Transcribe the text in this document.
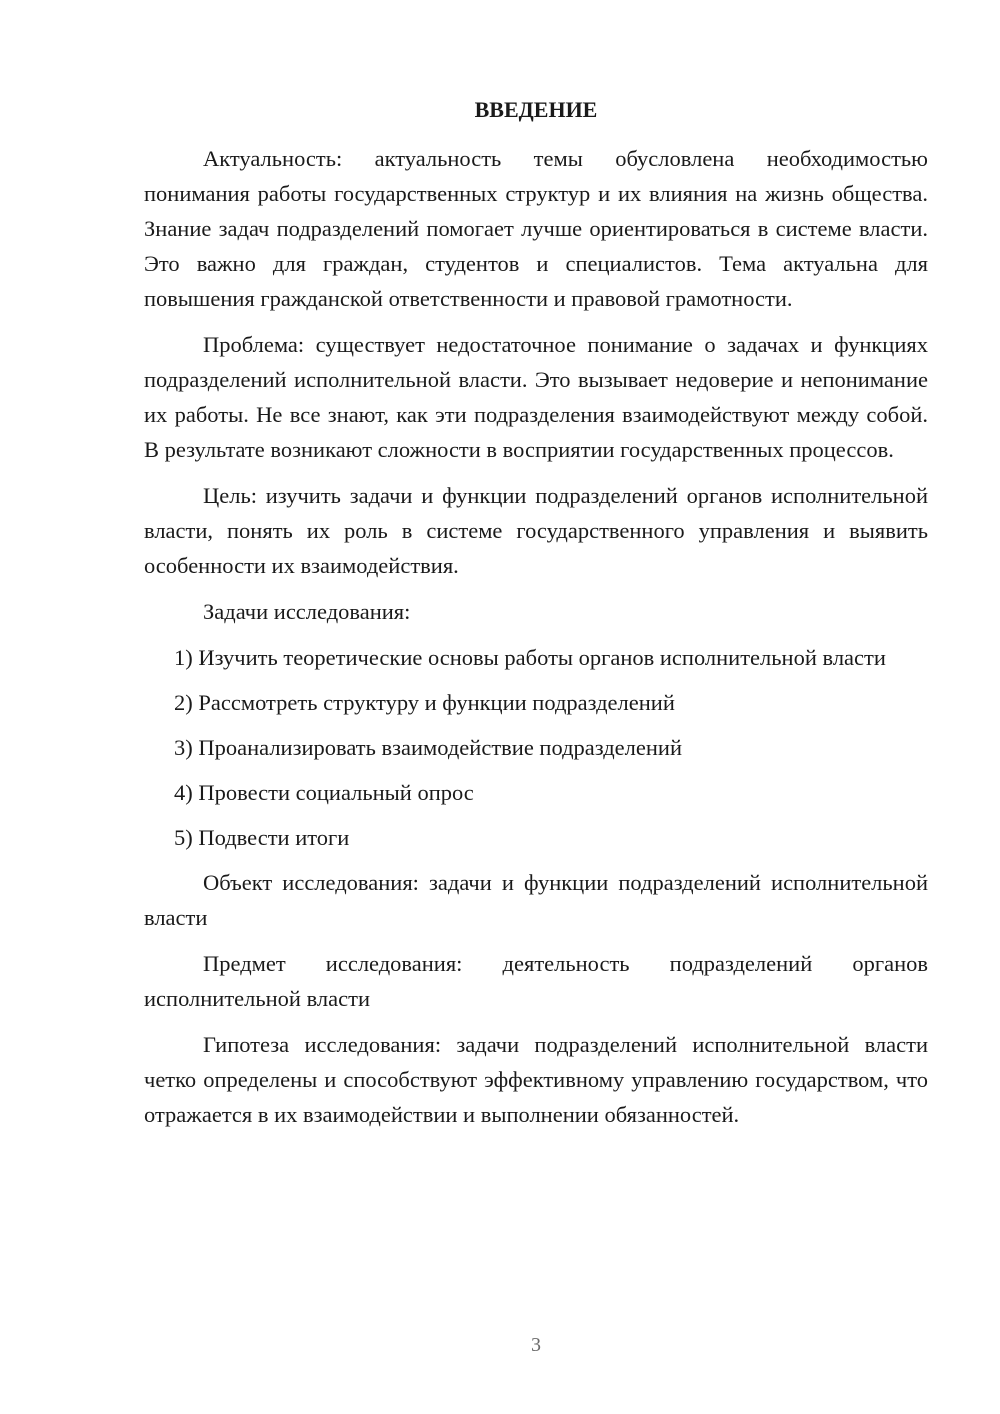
ВВЕДЕНИЕ

Актуальность: актуальность темы обусловлена необходимостью понимания работы государственных структур и их влияния на жизнь общества. Знание задач подразделений помогает лучше ориентироваться в системе власти. Это важно для граждан, студентов и специалистов. Тема актуальна для повышения гражданской ответственности и правовой грамотности.

Проблема: существует недостаточное понимание о задачах и функциях подразделений исполнительной власти. Это вызывает недоверие и непонимание их работы. Не все знают, как эти подразделения взаимодействуют между собой. В результате возникают сложности в восприятии государственных процессов.

Цель: изучить задачи и функции подразделений органов исполнительной власти, понять их роль в системе государственного управления и выявить особенности их взаимодействия.

Задачи исследования:

1) Изучить теоретические основы работы органов исполнительной власти

2) Рассмотреть структуру и функции подразделений

3) Проанализировать взаимодействие подразделений

4) Провести социальный опрос

5) Подвести итоги

Объект исследования: задачи и функции подразделений исполнительной власти

Предмет исследования: деятельность подразделений органов исполнительной власти

Гипотеза исследования: задачи подразделений исполнительной власти четко определены и способствуют эффективному управлению государством, что отражается в их взаимодействии и выполнении обязанностей.

3
